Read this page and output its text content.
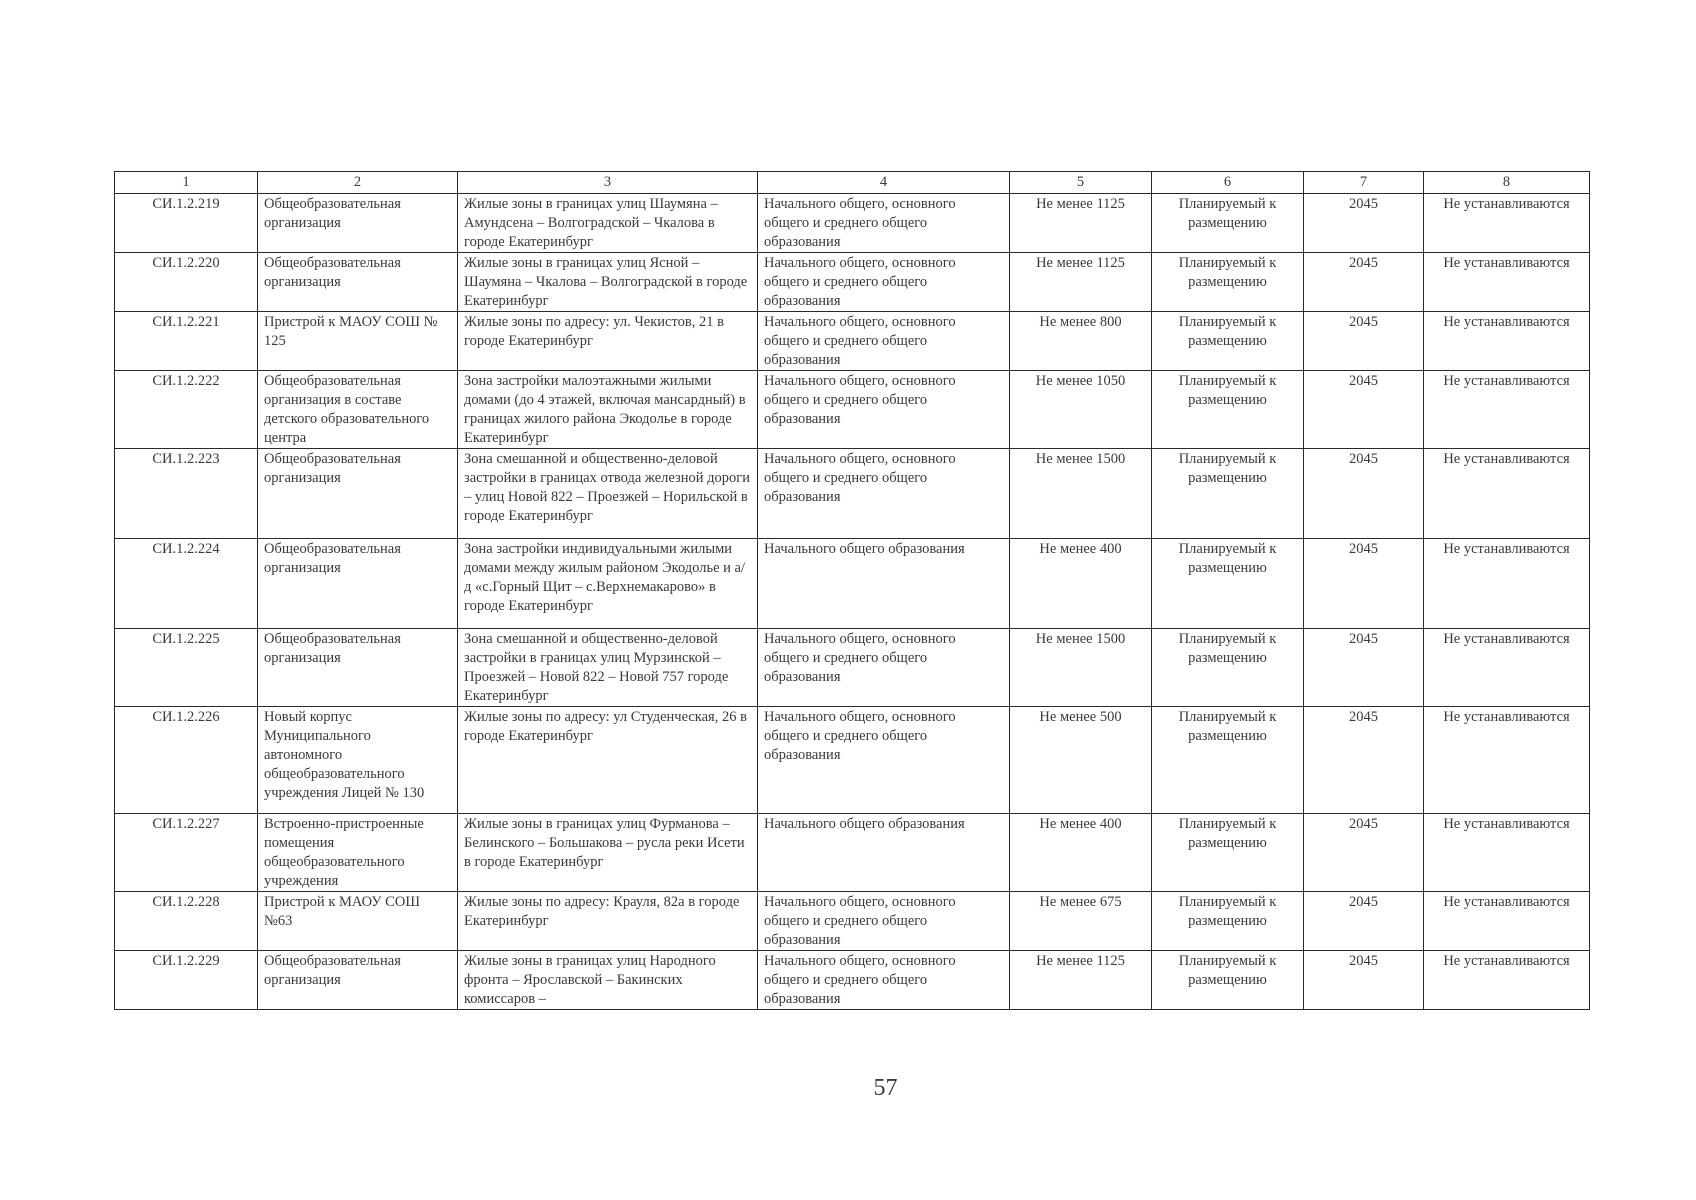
1	2	3	4	5	6	7	8
СИ.1.2.219	Общеобразовательная организация	Жилые зоны в границах улиц Шаумяна – Амундсена – Волгоградской – Чкалова в городе Екатеринбург	Начального общего, основного общего и среднего общего образования	Не менее 1125	Планируемый к размещению	2045	Не устанавливаются
СИ.1.2.220	Общеобразовательная организация	Жилые зоны в границах улиц Ясной – Шаумяна – Чкалова – Волгоградской в городе Екатеринбург	Начального общего, основного общего и среднего общего образования	Не менее 1125	Планируемый к размещению	2045	Не устанавливаются
СИ.1.2.221	Пристрой к МАОУ СОШ № 125	Жилые зоны по адресу: ул. Чекистов, 21 в городе Екатеринбург	Начального общего, основного общего и среднего общего образования	Не менее 800	Планируемый к размещению	2045	Не устанавливаются
СИ.1.2.222	Общеобразовательная организация в составе детского образовательного центра	Зона застройки малоэтажными жилыми домами (до 4 этажей, включая мансардный) в границах жилого района Экодолье в городе Екатеринбург	Начального общего, основного общего и среднего общего образования	Не менее 1050	Планируемый к размещению	2045	Не устанавливаются
СИ.1.2.223	Общеобразовательная организация	Зона смешанной и общественно-деловой застройки в границах отвода железной дороги – улиц Новой 822 – Проезжей – Норильской в городе Екатеринбург	Начального общего, основного общего и среднего общего образования	Не менее 1500	Планируемый к размещению	2045	Не устанавливаются
СИ.1.2.224	Общеобразовательная организация	Зона застройки индивидуальными жилыми домами между жилым районом Экодолье и а/д «с.Горный Щит – с.Верхнемакарово» в городе Екатеринбург	Начального общего образования	Не менее 400	Планируемый к размещению	2045	Не устанавливаются
СИ.1.2.225	Общеобразовательная организация	Зона смешанной и общественно-деловой застройки в границах улиц Мурзинской – Проезжей – Новой 822 – Новой 757 городе Екатеринбург	Начального общего, основного общего и среднего общего образования	Не менее 1500	Планируемый к размещению	2045	Не устанавливаются
СИ.1.2.226	Новый корпус Муниципального автономного общеобразовательного учреждения Лицей № 130	Жилые зоны по адресу: ул Студенческая, 26 в городе Екатеринбург	Начального общего, основного общего и среднего общего образования	Не менее 500	Планируемый к размещению	2045	Не устанавливаются
СИ.1.2.227	Встроенно-пристроенные помещения общеобразовательного учреждения	Жилые зоны в границах улиц Фурманова – Белинского – Большакова – русла реки Исети в городе Екатеринбург	Начального общего образования	Не менее 400	Планируемый к размещению	2045	Не устанавливаются
СИ.1.2.228	Пристрой к МАОУ СОШ №63	Жилые зоны по адресу: Крауля, 82а в городе Екатеринбург	Начального общего, основного общего и среднего общего образования	Не менее 675	Планируемый к размещению	2045	Не устанавливаются
СИ.1.2.229	Общеобразовательная организация	Жилые зоны в границах улиц Народного фронта – Ярославской – Бакинских комиссаров –	Начального общего, основного общего и среднего общего образования	Не менее 1125	Планируемый к размещению	2045	Не устанавливаются
57
